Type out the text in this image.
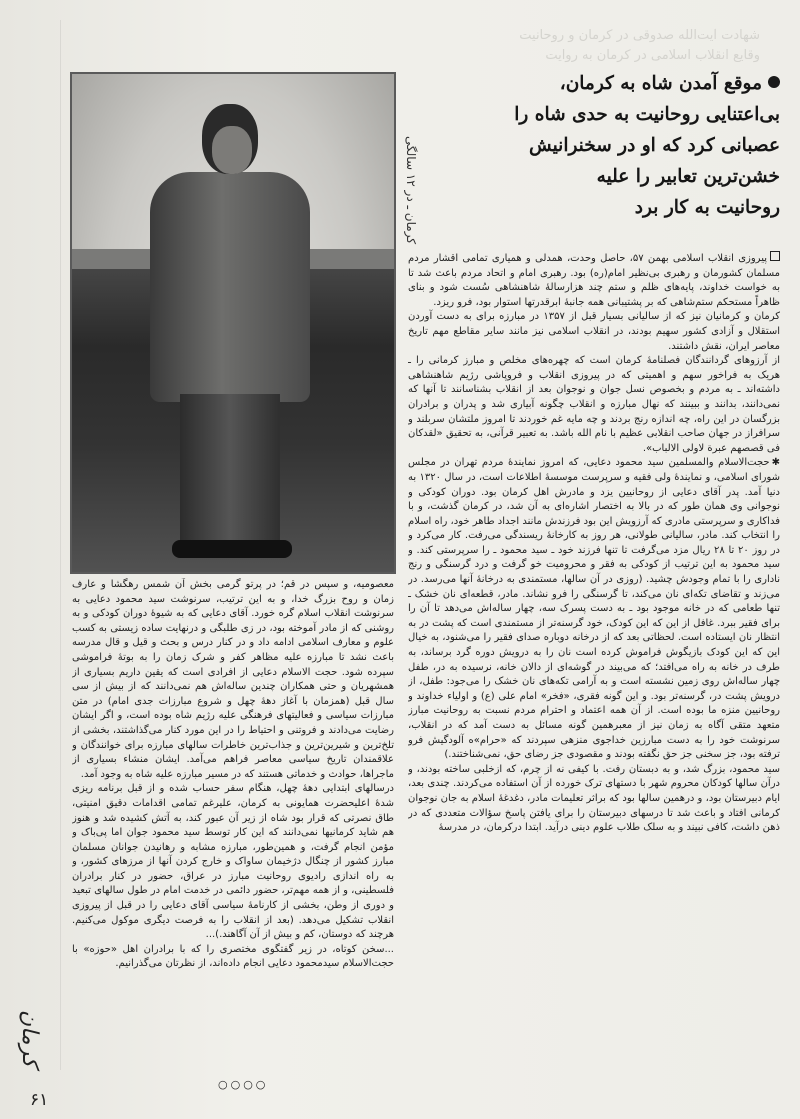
شهادت آیت‌الله صدوقی در کرمان و روحانیت
وقایع انقلاب اسلامی در کرمان به روایت
کرمان ـ در ۱۲ سالگی
موقع آمدن شاه به کرمان،
بی‌اعتنایی روحانیت به حدی شاه را
عصبانی کرد که او در سخنرانیش
خشن‌ترین تعابیر را علیه
روحانیت به کار برد

پیروزی انقلاب اسلامی بهمن ۵۷، حاصل وحدت، همدلی و همیاری تمامی اقشار مردم مسلمان کشورمان و رهبری بی‌نظیر امام(ره) بود. رهبری امام و اتحاد مردم باعث شد تا به خواست خداوند، پایه‌های ظلم و ستم چند هزارسالهٔ شاهنشاهی سُست شود و بنای ظاهراً مستحکم ستم‌شاهی که بر پشتیبانی همه جانبهٔ ابرقدرتها استوار بود، فرو ریزد.

کرمان و کرمانیان نیز که از سالیانی بسیار قبل از ۱۳۵۷ در مبارزه برای به دست آوردن استقلال و آزادی کشور سهیم بودند، در انقلاب اسلامی نیز مانند سایر مقاطع مهم تاریخ معاصر ایران، نقش داشتند.

از آرزوهای گردانندگان فصلنامهٔ کرمان است که چهره‌های مخلص و مبارز کرمانی را ـ هریک به فراخور سهم و اهمیتی که در پیروزی انقلاب و فروپاشی رژیم شاهنشاهی داشته‌اند ـ به مردم و بخصوص نسل جوان و نوجوان بعد از انقلاب بشناسانند تا آنها که نمی‌دانند، بدانند و ببینند که نهال مبارزه و انقلاب چگونه آبیاری شد و پدران و برادران بزرگسان در این راه، چه اندازه رنج بردند و چه مایه غم خوردند تا امروز ملتشان سربلند و سرافراز در جهان صاحب انقلابی عظیم با نام الله باشد. به تعبیر قرآنی، به تحقیق «لقدکان فی قصصهم عبرة لاولی الالباب».

✱حجت‌الاسلام والمسلمین سید محمود دعایی، که امروز نمایندهٔ مردم تهران در مجلس شورای اسلامی، و نمایندهٔ ولی فقیه و سرپرست موسسهٔ اطلاعات است، در سال ۱۳۲۰ به دنیا آمد. پدر آقای دعایی از روحانیین یزد و مادرش اهل کرمان بود. دوران کودکی و نوجوانی وی همان طور که در بالا به اختصار اشاره‌ای به آن شد، در کرمان گذشت، و با فداکاری و سرپرستی مادری که آرزویش این بود فرزندش مانند اجداد طاهر خود، راه اسلام را انتخاب کند. مادر، سالیانی طولانی، هر روز به کارخانهٔ ریسندگی می‌رفت. کار می‌کرد و در روز ۲۰ تا ۲۸ ریال مزد می‌گرفت تا تنها فرزند خود ـ سید محمود ـ را سرپرستی کند. و سید محمود به این ترتیب از کودکی به فقر و محرومیت خو گرفت و درد گرسنگی و رنج ناداری را با تمام وجودش چشید. (روزی در آن سالها، مستمندی به درخانهٔ آنها می‌رسد. در می‌زند و تقاضای تکه‌ای نان می‌کند، تا گرسنگی را فرو نشاند. مادر، قطعه‌ای نان خشک ـ تنها طعامی که در خانه موجود بود ـ به دست پسرک سه، چهار ساله‌اش می‌دهد تا آن را برای فقیر ببرد. غافل از این که این کودک، خود گرسنه‌تر از مستمندی است که پشت در به انتظار نان ایستاده است. لحظاتی بعد که از درخانه دوباره صدای فقیر را می‌شنود، به خیال این که این کودک بازیگوش فراموش کرده است نان را به درویش دوره گرد برساند، به طرف در خانه به راه می‌افتد؛ که می‌بیند در گوشه‌ای از دالان خانه، نرسیده به در، طفل چهار ساله‌اش روی زمین نشسته است و به آرامی تکه‌های نان خشک را می‌جود: طفل، از درویش پشت در، گرسنه‌تر بود. و این گونه فقری، «فخر» امام علی (ع) و اولیاء خداوند و روحانیین منزه ما بوده است. از آن همه اعتماد و احترام مردم نسبت به روحانیت مبارز متعهد متقی آگاه به زمان نیز از معبرهمین گونه مسائل به دست آمد که در انقلاب، سرنوشت خود را به دست مبارزین خداجوی منزهی سپردند که «حرام»ه آلودگیش فرو ترفته بود، جز سخنی جز حق نگفته بودند و مقصودی جز رضای حق، نمی‌شناختند.)

سید محمود، بزرگ شد، و به دبستان رفت. با کیفی نه از چرم، که ازخلبی ساخته بودند، و درآن سالها کودکان محروم شهر با دستهای ترک خورده از آن استفاده می‌کردند. چندی بعد، ایام دبیرستان بود، و درهمین سالها بود که براثر تعلیمات مادر، دغدغهٔ اسلام به جان نوجوان کرمانی افتاد و باعث شد تا درسهای دبیرستان را برای یافتن پاسخ سؤالات متعددی که در ذهن داشت، کافی نبیند و به سلک طلاب علوم دینی درآید. ابتدا درکرمان، در مدرسهٔ

معصومیه، و سپس در قم؛ در پرتو گرمی بخش آن شمس رهگشا و عارف زمان و روح بزرگ خدا، و به این ترتیب، سرنوشت سید محمود دعایی به سرنوشت انقلاب اسلام گره خورد. آقای دعایی که به شیوهٔ دوران کودکی و به روشنی که از مادر آموخته بود، در زی طلبگی و درنهایت ساده زیستی به کسب علوم و معارف اسلامی ادامه داد و در کنار درس و بحث و قیل و قال مدرسه باعث نشد تا مبارزه علیه مظاهر کفر و شرک زمان را به بوتهٔ فراموشی سپرده شود. حجت الاسلام دعایی از افرادی است که یقین داریم بسیاری از همشهریان و حتی همکاران چندین ساله‌اش هم نمی‌دانند که از بیش از سی سال قبل (همزمان با آغاز دههٔ چهل و شروع مبارزات جدی امام) در متن مبارزات سیاسی و فعالیتهای فرهنگی علیه رژیم شاه بوده است، و اگر ایشان رضایت می‌دادند و فروتنی و احتیاط را در این مورد کنار می‌گذاشتند، بخشی از تلخ‌ترین و شیرین‌ترین و جذاب‌ترین خاطرات سالهای مبارزه برای خوانندگان و علاقمندان تاریخ سیاسی معاصر فراهم می‌آمد. ایشان منشاء بسیاری از ماجراها، حوادث و خدماتی هستند که در مسیر مبارزه علیه شاه به وجود آمد.

درسالهای ابتدایی دههٔ چهل، هنگام سفر حساب شده و از قبل برنامه ریزی شدهٔ اعلیحضرت همایونی به کرمان، علیرغم تمامی اقدامات دقیق امنیتی، طاق نصرتی که قرار بود شاه از زیر آن عبور کند، به آتش کشیده شد و هنوز هم شاید کرمانیها نمی‌دانند که این کار توسط سید محمود جوان اما پی‌باک و مؤمن انجام گرفت، و همین‌طور، مبارزه مشابه و رهانیدن جوانان مسلمان مبارز کشور از چنگال دژخیمان ساواک و خارج کردن آنها از مرزهای کشور، و به راه اندازی رادیوی روحانیت مبارز در عراق، حضور در کنار برادران فلسطینی، و از همه مهم‌تر، حضور دائمی در خدمت امام در طول سالهای تبعید و دوری از وطن، بخشی از کارنامهٔ سیاسی آقای دعایی را در قبل از پیروزی انقلاب تشکیل می‌دهد. (بعد از انقلاب را به فرصت دیگری موکول می‌کنیم. هرچند که دوستان، کم و بیش از آن آگاهند.)...

...سخن کوتاه، در زیر گفتگوی مختصری را که با برادران اهل «حوزه» با حجت‌الاسلام سیدمحمود دعایی انجام داده‌اند، از نظرتان می‌گذرانیم.

○○○○
کرمان
۶۱
